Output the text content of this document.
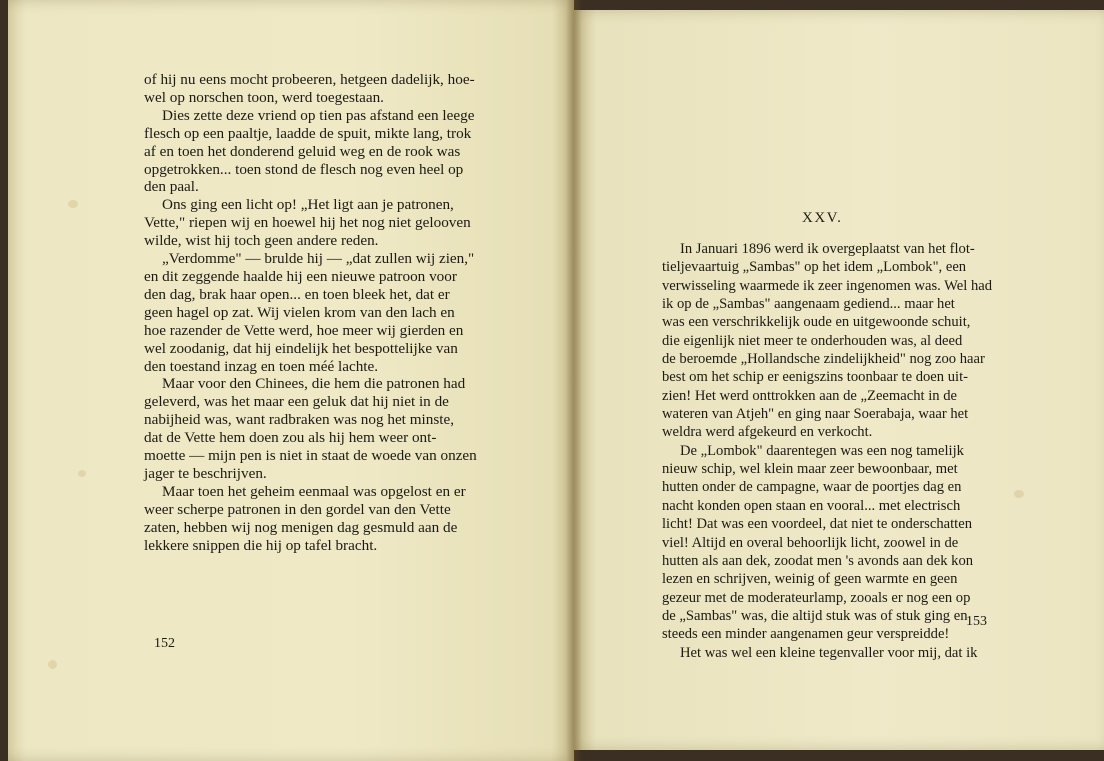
of hij nu eens mocht probeeren, hetgeen dadelijk, hoe-
wel op norschen toon, werd toegestaan.
Dies zette deze vriend op tien pas afstand een leege
flesch op een paaltje, laadde de spuit, mikte lang, trok
af en toen het donderend geluid weg en de rook was
opgetrokken... toen stond de flesch nog even heel op
den paal.
Ons ging een licht op! „Het ligt aan je patronen,
Vette," riepen wij en hoewel hij het nog niet gelooven
wilde, wist hij toch geen andere reden.
„Verdomme" — brulde hij — „dat zullen wij zien,"
en dit zeggende haalde hij een nieuwe patroon voor
den dag, brak haar open... en toen bleek het, dat er
geen hagel op zat. Wij vielen krom van den lach en
hoe razender de Vette werd, hoe meer wij gierden en
wel zoodanig, dat hij eindelijk het bespottelijke van
den toestand inzag en toen méé lachte.
Maar voor den Chinees, die hem die patronen had
geleverd, was het maar een geluk dat hij niet in de
nabijheid was, want radbraken was nog het minste,
dat de Vette hem doen zou als hij hem weer ont-
moette — mijn pen is niet in staat de woede van onzen
jager te beschrijven.
Maar toen het geheim eenmaal was opgelost en er
weer scherpe patronen in den gordel van den Vette
zaten, hebben wij nog menigen dag gesmuld aan de
lekkere snippen die hij op tafel bracht.
152
XXV.
In Januari 1896 werd ik overgeplaatst van het flot-
tieljevaartuig „Sambas" op het idem „Lombok", een
verwisseling waarmede ik zeer ingenomen was. Wel had
ik op de „Sambas" aangenaam gediend... maar het
was een verschrikkelijk oude en uitgewoonde schuit,
die eigenlijk niet meer te onderhouden was, al deed
de beroemde „Hollandsche zindelijkheid" nog zoo haar
best om het schip er eenigszins toonbaar te doen uit-
zien! Het werd onttrokken aan de „Zeemacht in de
wateren van Atjeh" en ging naar Soerabaja, waar het
weldra werd afgekeurd en verkocht.
De „Lombok" daarentegen was een nog tamelijk
nieuw schip, wel klein maar zeer bewoonbaar, met
hutten onder de campagne, waar de poortjes dag en
nacht konden open staan en vooral... met electrisch
licht! Dat was een voordeel, dat niet te onderschatten
viel! Altijd en overal behoorlijk licht, zoowel in de
hutten als aan dek, zoodat men 's avonds aan dek kon
lezen en schrijven, weinig of geen warmte en geen
gezeur met de moderateurlamp, zooals er nog een op
de „Sambas" was, die altijd stuk was of stuk ging en
steeds een minder aangenamen geur verspreidde!
Het was wel een kleine tegenvaller voor mij, dat ik
153
